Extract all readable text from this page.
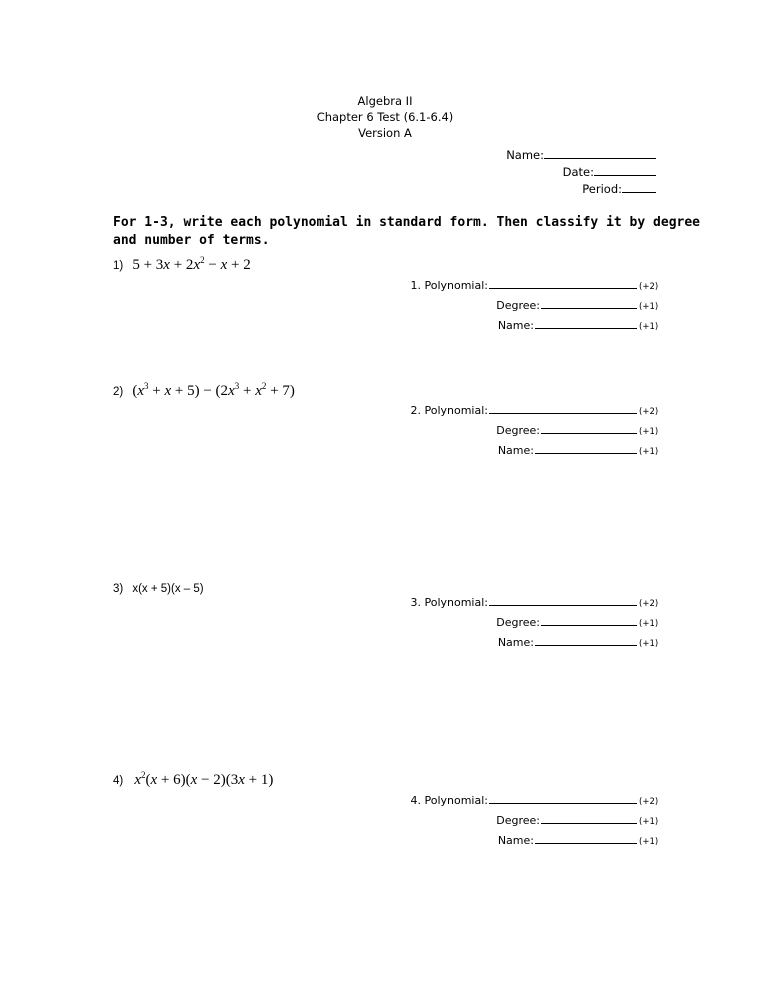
Algebra II
Chapter 6 Test (6.1-6.4)
Version A
Name:
Date:
Period:
For 1-3, write each polynomial in standard form. Then classify it by degree
and number of terms.
1) $5 + 3x + 2x^2 - x + 2$
2) $(x^3 + x + 5) - (2x^3 + x^2 + 7)$
3) x(x + 5)(x – 5)
4) $x^2(x + 6)(x - 2)(3x + 1)$
1. Polynomial:	(+2)
Degree:	(+1)
Name:	(+1)
2. Polynomial:	(+2)
Degree:	(+1)
Name:	(+1)
3. Polynomial:	(+2)
Degree:	(+1)
Name:	(+1)
4. Polynomial:	(+2)
Degree:	(+1)
Name:	(+1)
